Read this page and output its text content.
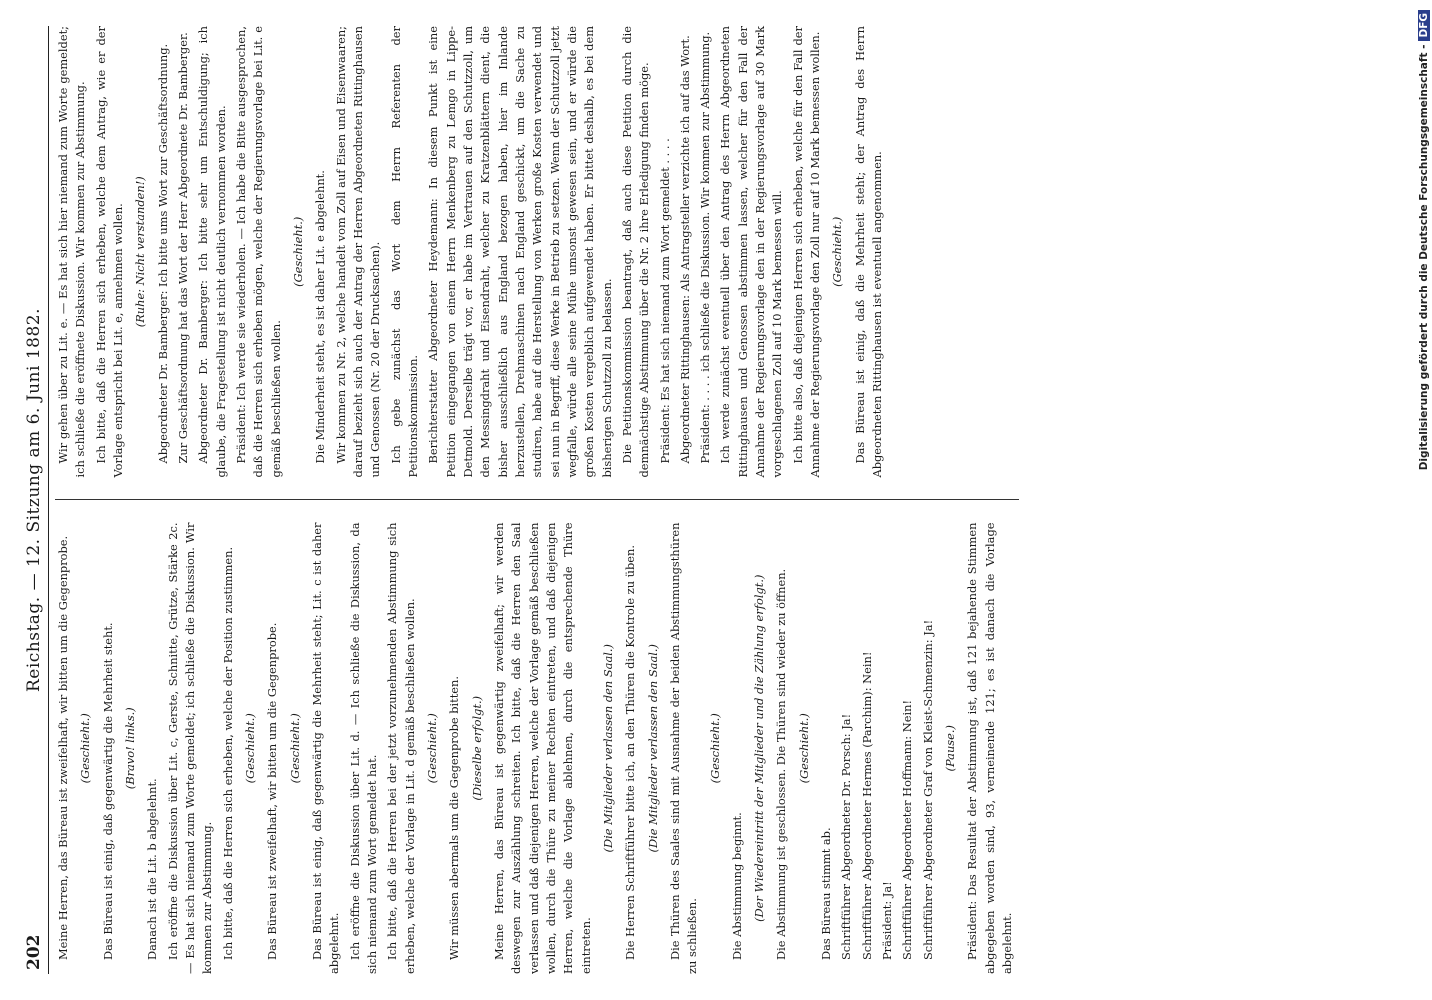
202
Reichstag. — 12. Sitzung am 6. Juni 1882.

Meine Herren, das Büreau ist zweifelhaft, wir bitten um die Gegenprobe. (Geschieht.) Das Büreau ist einig, daß gegenwärtig die Mehrheit steht. (Bravo! links.)

Danach ist die Lit. b abgelehnt. Ich eröffne die Diskussion über Lit. c, Gerste, Schnitte, Grütze, Stärke 2c. — Es hat sich niemand zum Worte gemeldet; ich schließe die Diskussion. Wir kommen zur Abstimmung. Ich bitte, daß die Herren sich erheben, welche der Position zustimmen. (Geschieht.) Das Büreau ist zweifelhaft, wir bitten um die Gegenprobe. (Geschieht.) Das Büreau ist einig, daß gegenwärtig die Mehrheit steht; Lit. c ist daher abgelehnt. Ich eröffne die Diskussion über Lit. d. — Ich schließe die Diskussion, da sich niemand zum Wort gemeldet hat. Ich bitte, daß die Herren bei der jetzt vorzunehmenden Abstimmung sich erheben, welche der Vorlage in Lit. d gemäß beschließen wollen. (Geschieht.) Wir müssen abermals um die Gegenprobe bitten. (Dieselbe erfolgt.) Meine Herren, das Büreau ist gegenwärtig zweifelhaft; wir werden deswegen zur Auszählung schreiten. Ich bitte, daß die Herren den Saal verlassen und daß diejenigen Herren, welche der Vorlage gemäß beschließen wollen, durch die Thüre zu meiner Rechten eintreten, und daß diejenigen Herren, welche die Vorlage ablehnen, durch die entsprechende Thüre eintreten.

(Die Mitglieder verlassen den Saal.) Die Herren Schriftführer bitte ich, an den Thüren die Kontrole zu üben. (Die Mitglieder verlassen den Saal.) Die Thüren des Saales sind mit Ausnahme der beiden Abstimmungsthüren zu schließen.

(Geschieht.)

Die Abstimmung beginnt. (Der Wiedereintritt der Mitglieder und die Zählung erfolgt.) Die Abstimmung ist geschlossen. Die Thüren sind wieder zu öffnen. (Geschieht.)

Das Büreau stimmt ab. Schriftführer Abgeordneter Dr. Porsch: Ja! Schriftführer Abgeordneter Hermes (Parchim): Nein! Präsident: Ja! Schriftführer Abgeordneter Hoffmann: Nein! Schriftführer Abgeordneter Graf von Kleist-Schmenzin: Ja! (Pause.) Präsident: Das Resultat der Abstimmung ist, daß 121 bejahende Stimmen abgegeben worden sind, 93, verneinende 121; es ist danach die Vorlage abgelehnt.

Wir gehen über zu Lit. e. — Es hat sich hier niemand zum Worte gemeldet; ich schließe die eröffnete Diskussion. Wir kommen zur Abstimmung. Ich bitte, daß die Herren sich erheben, welche dem Antrag, wie er der Vorlage entspricht bei Lit. e, annehmen wollen. (Ruhe: Nicht verstanden!) Abgeordneter Dr. Bamberger: Ich bitte ums Wort zur Geschäftsordnung. Zur Geschäftsordnung hat das Wort der Herr Abgeordnete Dr. Bamberger. Abgeordneter Dr. Bamberger: Ich bitte sehr um Entschuldigung; ich glaube, die Fragestellung ist nicht deutlich vernommen worden. Präsident: Ich werde sie wiederholen. — Ich habe die Bitte ausgesprochen, daß die Herren sich erheben mögen, welche der Regierungsvorlage bei Lit. e gemäß beschließen wollen.

(Geschieht.) Die Minderheit steht, es ist daher Lit. e abgelehnt. Wir kommen zu Nr. 2, welche handelt vom Zoll auf Eisen und Eisenwaaren; darauf bezieht sich auch der Antrag der Herren Abgeordneten Rittinghausen und Genossen (Nr. 20 der Drucksachen). Ich gebe zunächst das Wort dem Herrn Referenten der Petitionskommission. Berichterstatter Abgeordneter Heydemann: In diesem Punkt ist eine Petition eingegangen von einem Herrn Menkenberg zu Lemgo in Lippe-Detmold. Derselbe trägt vor, er habe im Vertrauen auf den Schutzzoll, um den Messingdraht und Eisendraht, welcher zu Kratzenblättern dient, die bisher ausschließlich aus England bezogen haben, hier im Inlande herzustellen, Drehmaschinen nach England geschickt, um die Sache zu studiren, habe auf die Herstellung von Werken große Kosten verwendet und sei nun in Begriff, diese Werke in Betrieb zu setzen. Wenn der Schutzzoll jetzt wegfalle, würde alle seine Mühe umsonst gewesen sein, und er würde die großen Kosten vergeblich aufgewendet haben. Er bittet deshalb, es bei dem bisherigen Schutzzoll zu belassen. Die Petitionskommission beantragt, daß auch diese Petition durch die demnächstige Abstimmung über die Nr. 2 ihre Erledigung finden möge. Präsident: Es hat sich niemand zum Wort gemeldet . . . . Abgeordneter Rittinghausen: Als Antragsteller verzichte ich auf das Wort. Präsident: . . . . ich schließe die Diskussion. Wir kommen zur Abstimmung. Ich werde zunächst eventuell über den Antrag des Herrn Abgeordneten Rittinghausen und Genossen abstimmen lassen, welcher für den Fall der Annahme der Regierungsvorlage den in der Regierungsvorlage auf 30 Mark vorgeschlagenen Zoll auf 10 Mark bemessen will. Ich bitte also, daß diejenigen Herren sich erheben, welche für den Fall der Annahme der Regierungsvorlage den Zoll nur auf 10 Mark bemessen wollen. (Geschieht.) Das Büreau ist einig, daß die Mehrheit steht; der Antrag des Herrn Abgeordneten Rittinghausen ist eventuell angenommen.	Digitalisierung gefördert durch die Deutsche Forschungsgemeinschaft -DFG
